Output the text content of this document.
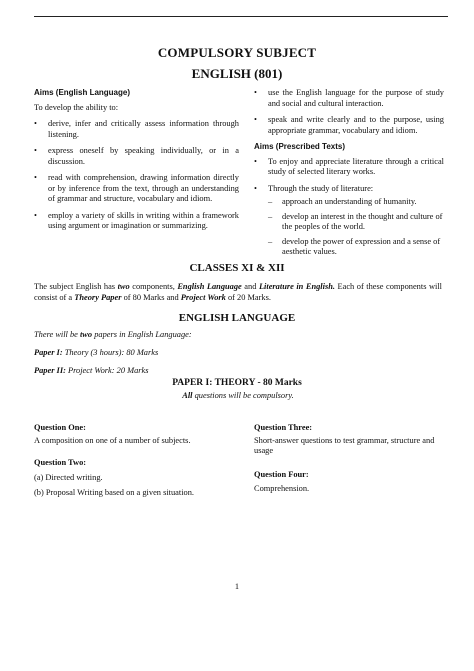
COMPULSORY SUBJECT
ENGLISH (801)
Aims (English Language)
To develop the ability to:
• derive, infer and critically assess information through listening.
• express oneself by speaking individually, or in a discussion.
• read with comprehension, drawing information directly or by inference from the text, through an understanding of grammar and structure, vocabulary and idiom.
• employ a variety of skills in writing within a framework using argument or imagination or summarizing.
• use the English language for the purpose of study and social and cultural interaction.
• speak and write clearly and to the purpose, using appropriate grammar, vocabulary and idiom.
Aims (Prescribed Texts)
• To enjoy and appreciate literature through a critical study of selected literary works.
• Through the study of literature:
– approach an understanding of humanity.
– develop an interest in the thought and culture of the peoples of the world.
– develop the power of expression and a sense of aesthetic values.
CLASSES XI & XII
The subject English has two components, English Language and Literature in English. Each of these components will consist of a Theory Paper of 80 Marks and Project Work of 20 Marks.
ENGLISH LANGUAGE
There will be two papers in English Language:
Paper I: Theory (3 hours): 80 Marks
Paper II: Project Work: 20 Marks
PAPER I: THEORY - 80 Marks
All questions will be compulsory.
Question One:
A composition on one of a number of subjects.
Question Two:
(a) Directed writing.
(b) Proposal Writing based on a given situation.
Question Three:
Short-answer questions to test grammar, structure and usage
Question Four:
Comprehension.
1
